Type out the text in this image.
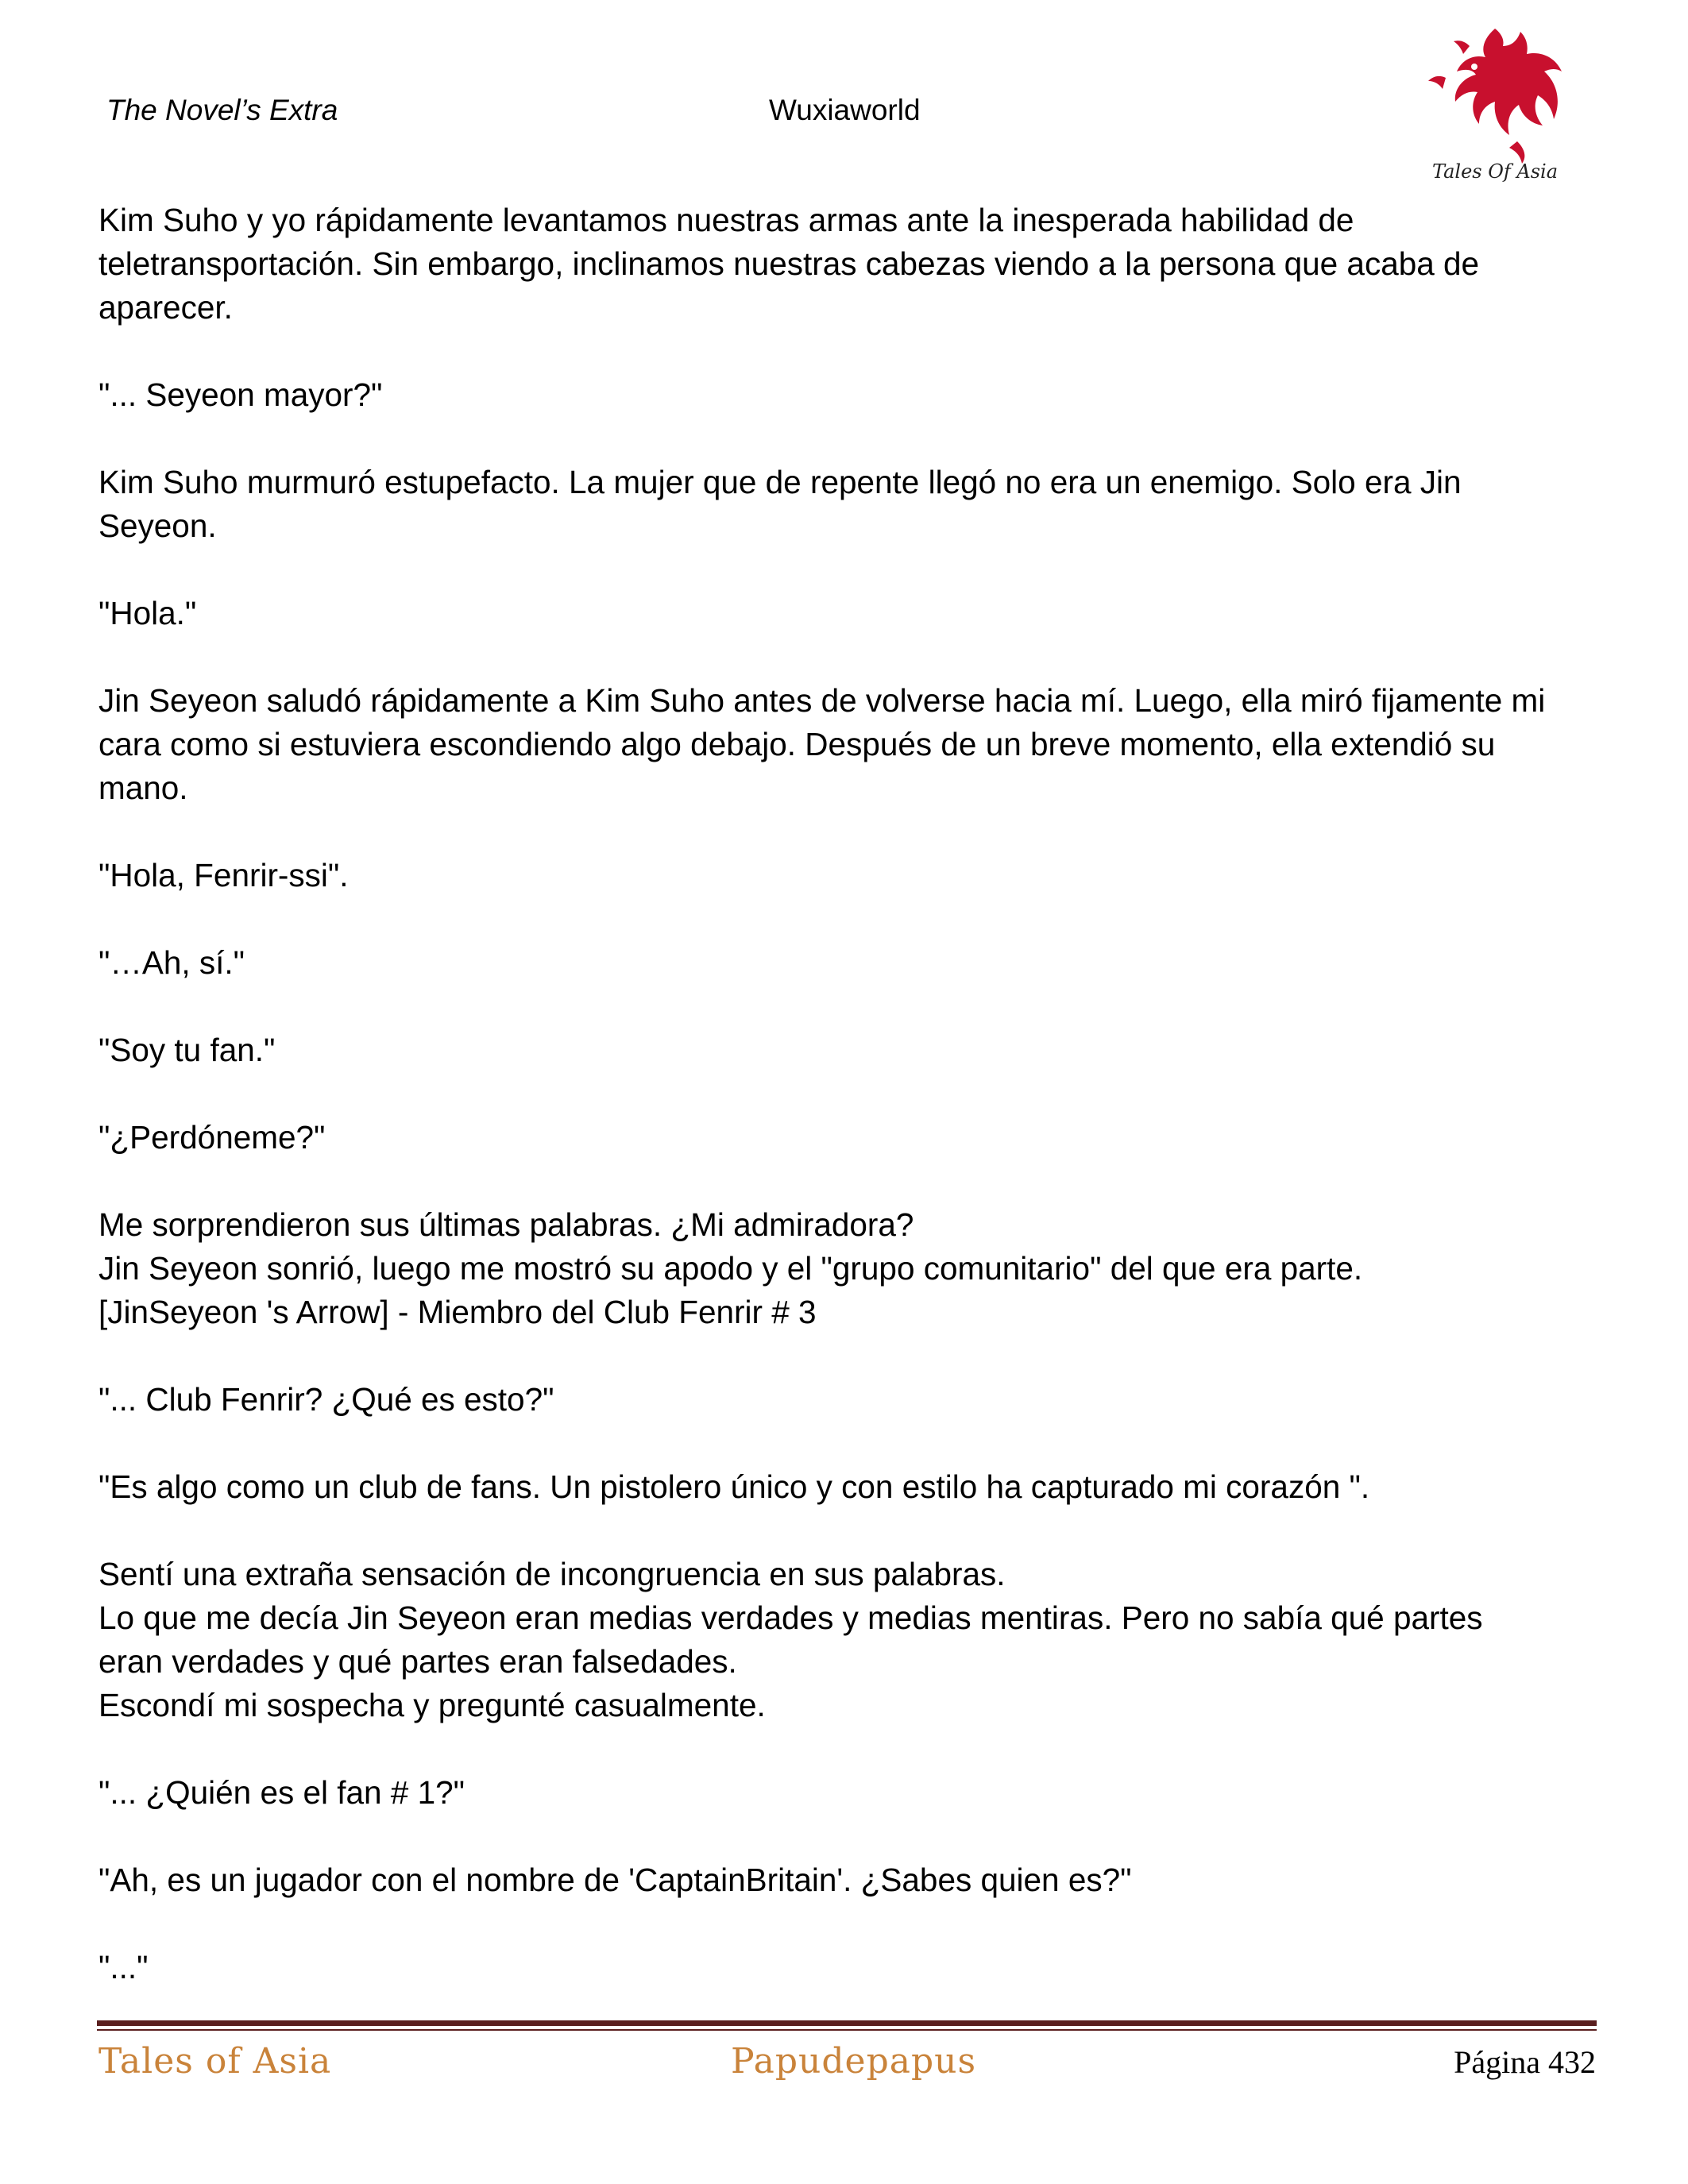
The Novel’s Extra	Wuxiaworld
Tales Of Asia

Kim Suho y yo rápidamente levantamos nuestras armas ante la inesperada habilidad de

teletransportación. Sin embargo, inclinamos nuestras cabezas viendo a la persona que acaba de

aparecer.

"... Seyeon mayor?"

Kim Suho murmuró estupefacto. La mujer que de repente llegó no era un enemigo. Solo era Jin

Seyeon.

"Hola."

Jin Seyeon saludó rápidamente a Kim Suho antes de volverse hacia mí. Luego, ella miró fijamente mi

cara como si estuviera escondiendo algo debajo. Después de un breve momento, ella extendió su

mano.

"Hola, Fenrir-ssi".

"…Ah, sí."

"Soy tu fan."

"¿Perdóneme?"

Me sorprendieron sus últimas palabras. ¿Mi admiradora?

Jin Seyeon sonrió, luego me mostró su apodo y el "grupo comunitario" del que era parte.

[JinSeyeon 's Arrow] - Miembro del Club Fenrir # 3

"... Club Fenrir? ¿Qué es esto?"

"Es algo como un club de fans. Un pistolero único y con estilo ha capturado mi corazón ".

Sentí una extraña sensación de incongruencia en sus palabras.

Lo que me decía Jin Seyeon eran medias verdades y medias mentiras. Pero no sabía qué partes

eran verdades y qué partes eran falsedades.

Escondí mi sospecha y pregunté casualmente.

"... ¿Quién es el fan # 1?"

"Ah, es un jugador con el nombre de 'CaptainBritain'. ¿Sabes quien es?"

"..."

Tales of Asia	Papudepapus	Página 432
